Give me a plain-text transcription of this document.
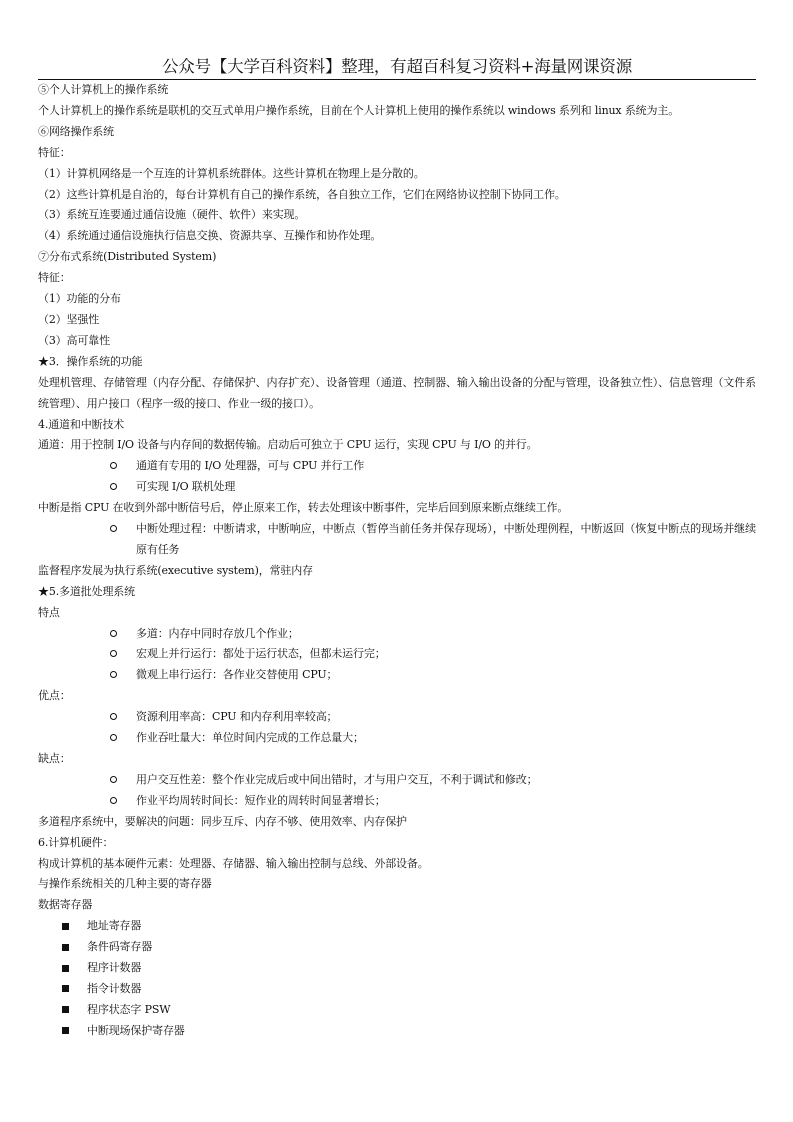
公众号【大学百科资料】整理，有超百科复习资料+海量网课资源

⑤个人计算机上的操作系统

个人计算机上的操作系统是联机的交互式单用户操作系统，目前在个人计算机上使用的操作系统以 windows 系列和 linux 系统为主。

⑥网络操作系统

特征：

（1）计算机网络是一个互连的计算机系统群体。这些计算机在物理上是分散的。

（2）这些计算机是自治的，每台计算机有自己的操作系统，各自独立工作，它们在网络协议控制下协同工作。

（3）系统互连要通过通信设施（硬件、软件）来实现。

（4）系统通过通信设施执行信息交换、资源共享、互操作和协作处理。

⑦分布式系统(Distributed System)

特征：

（1）功能的分布

（2）坚强性

（3）高可靠性

★3．操作系统的功能

处理机管理、存储管理（内存分配、存储保护、内存扩充）、设备管理（通道、控制器、输入输出设备的分配与管理，设备独立性）、信息管理（文件系统管理）、用户接口（程序一级的接口、作业一级的接口）。

4.通道和中断技术

通道：用于控制 I/O 设备与内存间的数据传输。启动后可独立于 CPU 运行，实现 CPU 与 I/O 的并行。

通道有专用的 I/O 处理器，可与 CPU 并行工作
可实现 I/O 联机处理

中断是指 CPU 在收到外部中断信号后，停止原来工作，转去处理该中断事件，完毕后回到原来断点继续工作。

中断处理过程：中断请求，中断响应，中断点（暂停当前任务并保存现场），中断处理例程，中断返回（恢复中断点的现场并继续原有任务

监督程序发展为执行系统(executive system)，常驻内存

★5.多道批处理系统

特点

多道：内存中同时存放几个作业；
宏观上并行运行：都处于运行状态，但都未运行完；
微观上串行运行：各作业交替使用 CPU；

优点：

资源利用率高：CPU 和内存利用率较高；
作业吞吐量大：单位时间内完成的工作总量大；

缺点：

用户交互性差：整个作业完成后或中间出错时，才与用户交互，不利于调试和修改；
作业平均周转时间长：短作业的周转时间显著增长；

多道程序系统中，要解决的问题：同步互斥、内存不够、使用效率、内存保护

6.计算机硬件：

构成计算机的基本硬件元素：处理器、存储器、输入输出控制与总线、外部设备。

与操作系统相关的几种主要的寄存器

数据寄存器

地址寄存器
条件码寄存器
程序计数器
指令计数器
程序状态字 PSW
中断现场保护寄存器
